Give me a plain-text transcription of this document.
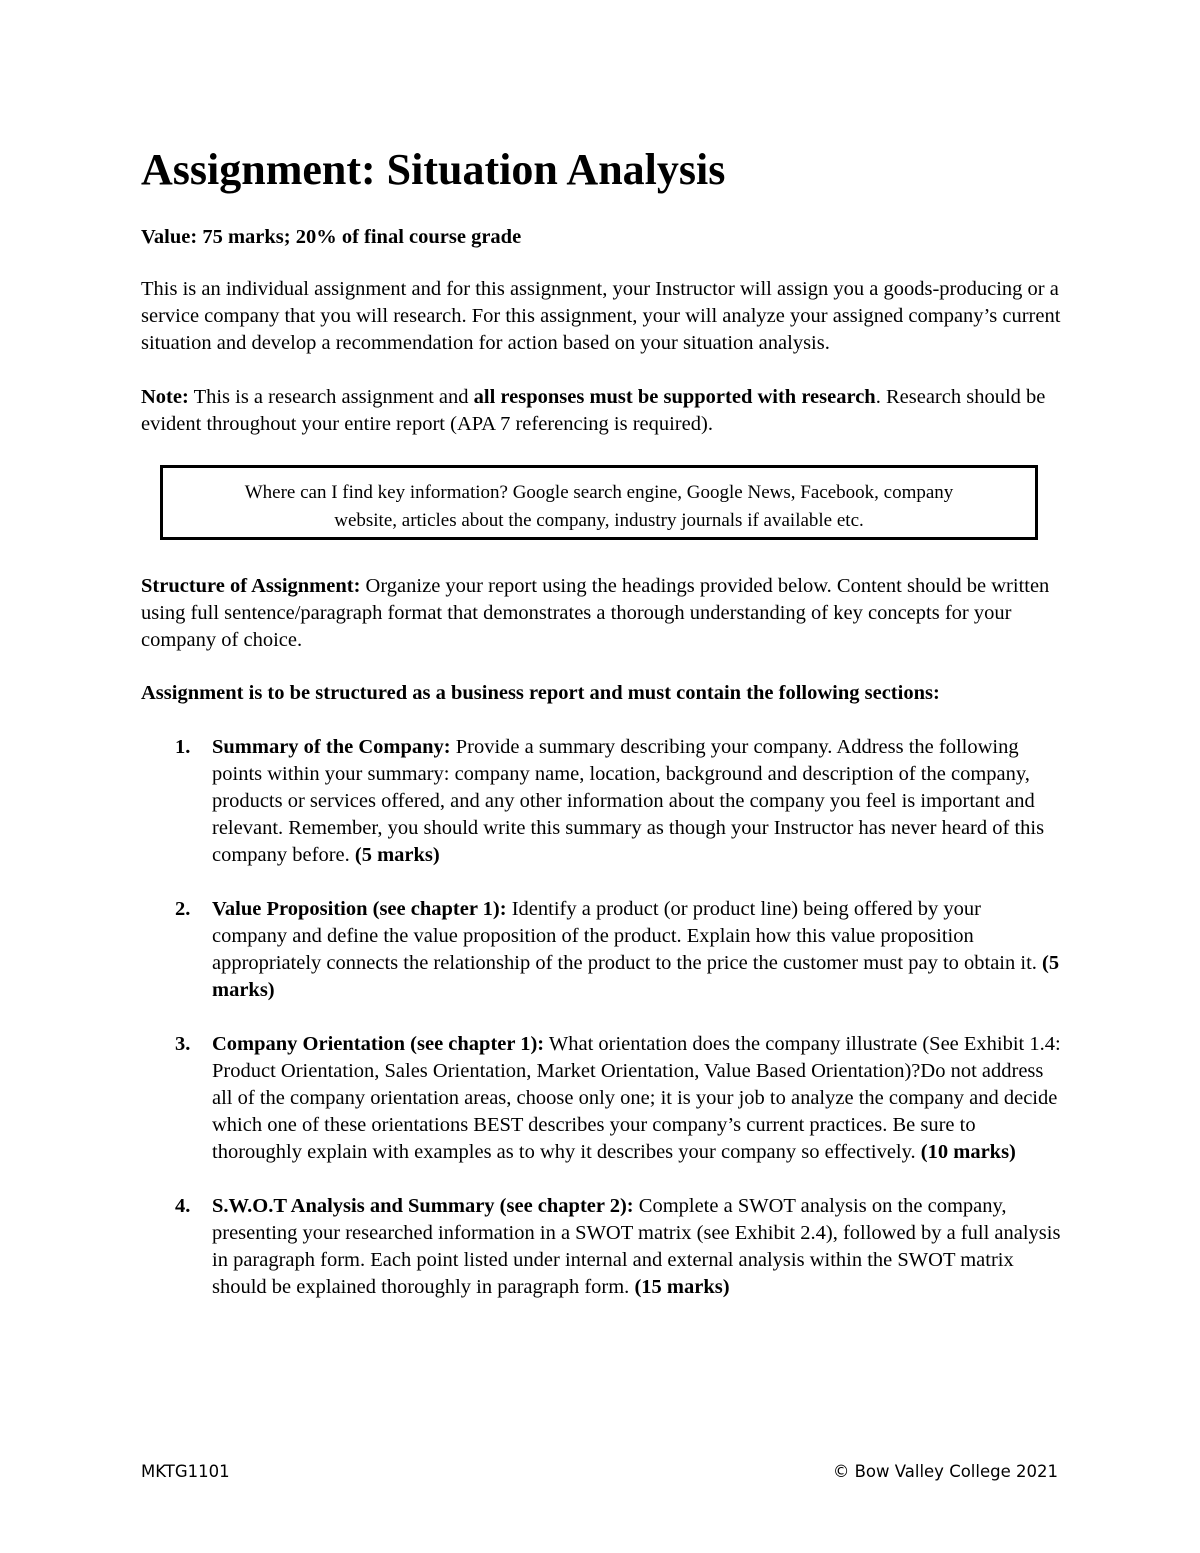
Assignment: Situation Analysis

Value: 75 marks; 20% of final course grade

This is an individual assignment and for this assignment, your Instructor will assign you a goods-producing or a service company that you will research. For this assignment, your will analyze your assigned company’s current situation and develop a recommendation for action based on your situation analysis.

Note: This is a research assignment and all responses must be supported with research. Research should be evident throughout your entire report (APA 7 referencing is required).

Where can I find key information? Google search engine, Google News, Facebook, company
website, articles about the company, industry journals if available etc.

Structure of Assignment: Organize your report using the headings provided below. Content should be written using full sentence/paragraph format that demonstrates a thorough understanding of key concepts for your company of choice.

Assignment is to be structured as a business report and must contain the following sections:

1. Summary of the Company: Provide a summary describing your company. Address the following points within your summary: company name, location, background and description of the company, products or services offered, and any other information about the company you feel is important and relevant. Remember, you should write this summary as though your Instructor has never heard of this company before. (5 marks)
2. Value Proposition (see chapter 1): Identify a product (or product line) being offered by your company and define the value proposition of the product. Explain how this value proposition appropriately connects the relationship of the product to the price the customer must pay to obtain it. (5 marks)
3. Company Orientation (see chapter 1): What orientation does the company illustrate (See Exhibit 1.4: Product Orientation, Sales Orientation, Market Orientation, Value Based Orientation)?Do not address all of the company orientation areas, choose only one; it is your job to analyze the company and decide which one of these orientations BEST describes your company’s current practices. Be sure to thoroughly explain with examples as to why it describes your company so effectively. (10 marks)
4. S.W.O.T Analysis and Summary (see chapter 2): Complete a SWOT analysis on the company, presenting your researched information in a SWOT matrix (see Exhibit 2.4), followed by a full analysis in paragraph form. Each point listed under internal and external analysis within the SWOT matrix should be explained thoroughly in paragraph form. (15 marks)
MKTG1101	© Bow Valley College 2021
